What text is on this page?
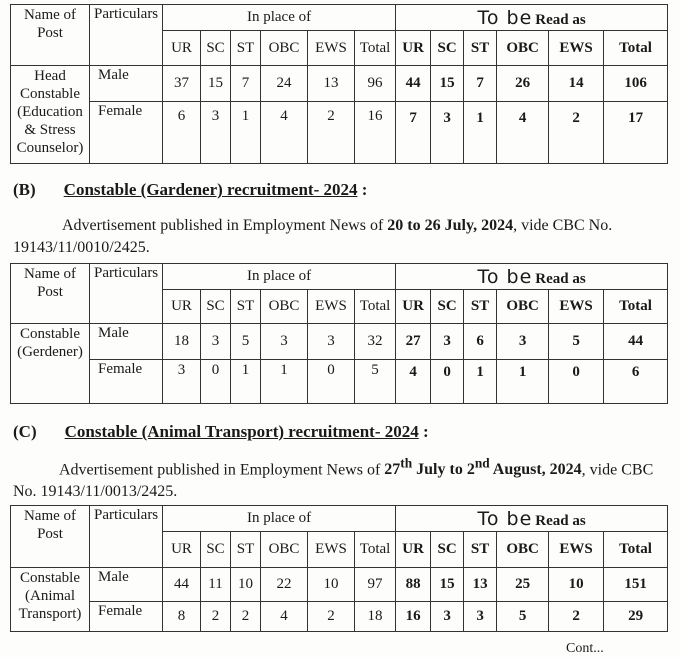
Name of Post	Particulars	In place of						To be Read as					
		UR	SC	ST	OBC	EWS	Total	UR	SC	ST	OBC	EWS	Total
Head Constable (Education & Stress Counselor)	Male	37	15	7	24	13	96	44	15	7	26	14	106
	Female	6	3	1	4	2	16	7	3	1	4	2	17
(B) Constable (Gardener) recruitment- 2024 :
Advertisement published in Employment News of 20 to 26 July, 2024, vide CBC No. 19143/11/0010/2425.
Name of Post	Particulars	In place of						To be Read as					
		UR	SC	ST	OBC	EWS	Total	UR	SC	ST	OBC	EWS	Total
Constable (Gerdener)	Male	18	3	5	3	3	32	27	3	6	3	5	44
	Female	3	0	1	1	0	5	4	0	1	1	0	6
(C) Constable (Animal Transport) recruitment- 2024 :
Advertisement published in Employment News of 27th July to 2nd August, 2024, vide CBC No. 19143/11/0013/2425.
Name of Post	Particulars	In place of						To be Read as					
		UR	SC	ST	OBC	EWS	Total	UR	SC	ST	OBC	EWS	Total
Constable (Animal Transport)	Male	44	11	10	22	10	97	88	15	13	25	10	151
	Female	8	2	2	4	2	18	16	3	3	5	2	29
Cont...
